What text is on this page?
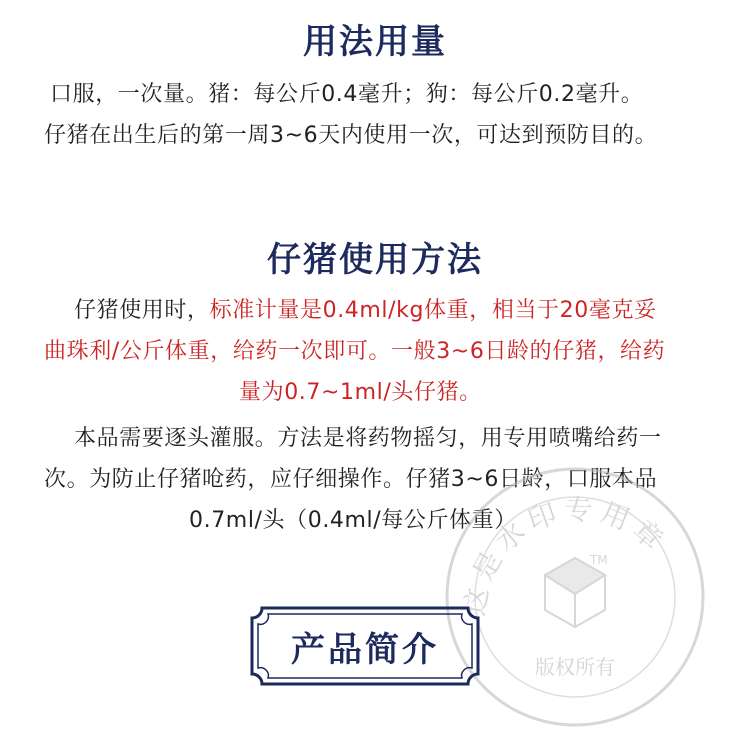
用法用量
口服，一次量。猪：每公斤0.4毫升；狗：每公斤0.2毫升。
仔猪在出生后的第一周3~6天内使用一次，可达到预防目的。
仔猪使用方法
仔猪使用时，标准计量是0.4ml/kg体重，相当于20毫克妥
曲珠利/公斤体重，给药一次即可。一般3~6日龄的仔猪，给药
量为0.7~1ml/头仔猪。
本品需要逐头灌服。方法是将药物摇匀，用专用喷嘴给药一
次。为防止仔猪呛药，应仔细操作。仔猪3~6日龄，口服本品
0.7ml/头（0.4ml/每公斤体重）
这是水印专用章
TM
版权所有
产品简介
